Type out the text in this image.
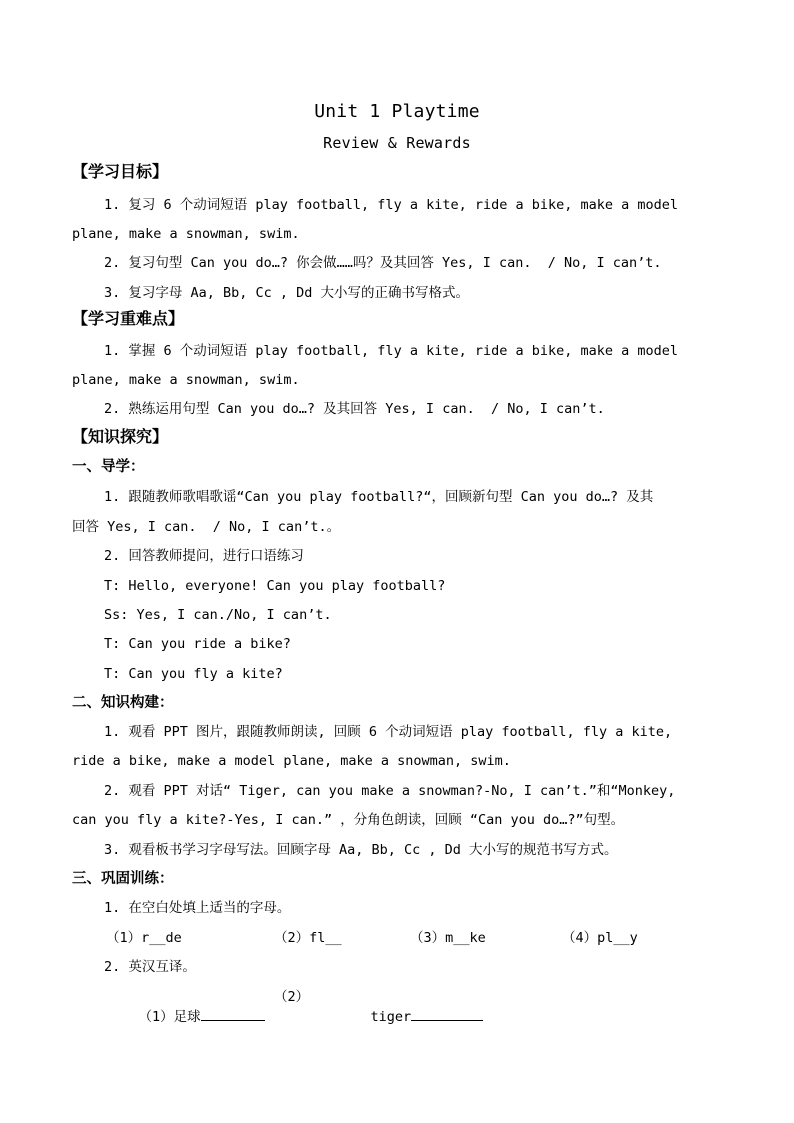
Unit 1 Playtime
Review & Rewards
【学习目标】
1. 复习 6 个动词短语 play football, fly a kite, ride a bike, make a model
plane, make a snowman, swim.
2. 复习句型 Can you do…? 你会做……吗？及其回答 Yes, I can.  / No, I can’t.
3. 复习字母 Aa, Bb, Cc , Dd 大小写的正确书写格式。
【学习重难点】
1. 掌握 6 个动词短语 play football, fly a kite, ride a bike, make a model
plane, make a snowman, swim.
2. 熟练运用句型 Can you do…? 及其回答 Yes, I can.  / No, I can’t.
【知识探究】
一、导学：
1. 跟随教师歌唱歌谣“Can you play football?“，回顾新句型 Can you do…? 及其
回答 Yes, I can.  / No, I can’t.。
2. 回答教师提问，进行口语练习
T: Hello, everyone! Can you play football?
Ss: Yes, I can./No, I can’t.
T: Can you ride a bike?
T: Can you fly a kite?
二、知识构建：
1. 观看 PPT 图片，跟随教师朗读, 回顾 6 个动词短语 play football, fly a kite,
ride a bike, make a model plane, make a snowman, swim.
2. 观看 PPT 对话“ Tiger, can you make a snowman?-No, I can’t.”和“Monkey,
can you fly a kite?-Yes, I can.” ，分角色朗读，回顾 “Can you do…?”句型。
3. 观看板书学习字母写法。回顾字母 Aa, Bb, Cc , Dd 大小写的规范书写方式。
三、巩固训练：
1. 在空白处填上适当的字母。
（1）r__de	（2）fl__	（3）m__ke	（4）pl__y
2. 英汉互译。

（1）足球

（2）

tiger
